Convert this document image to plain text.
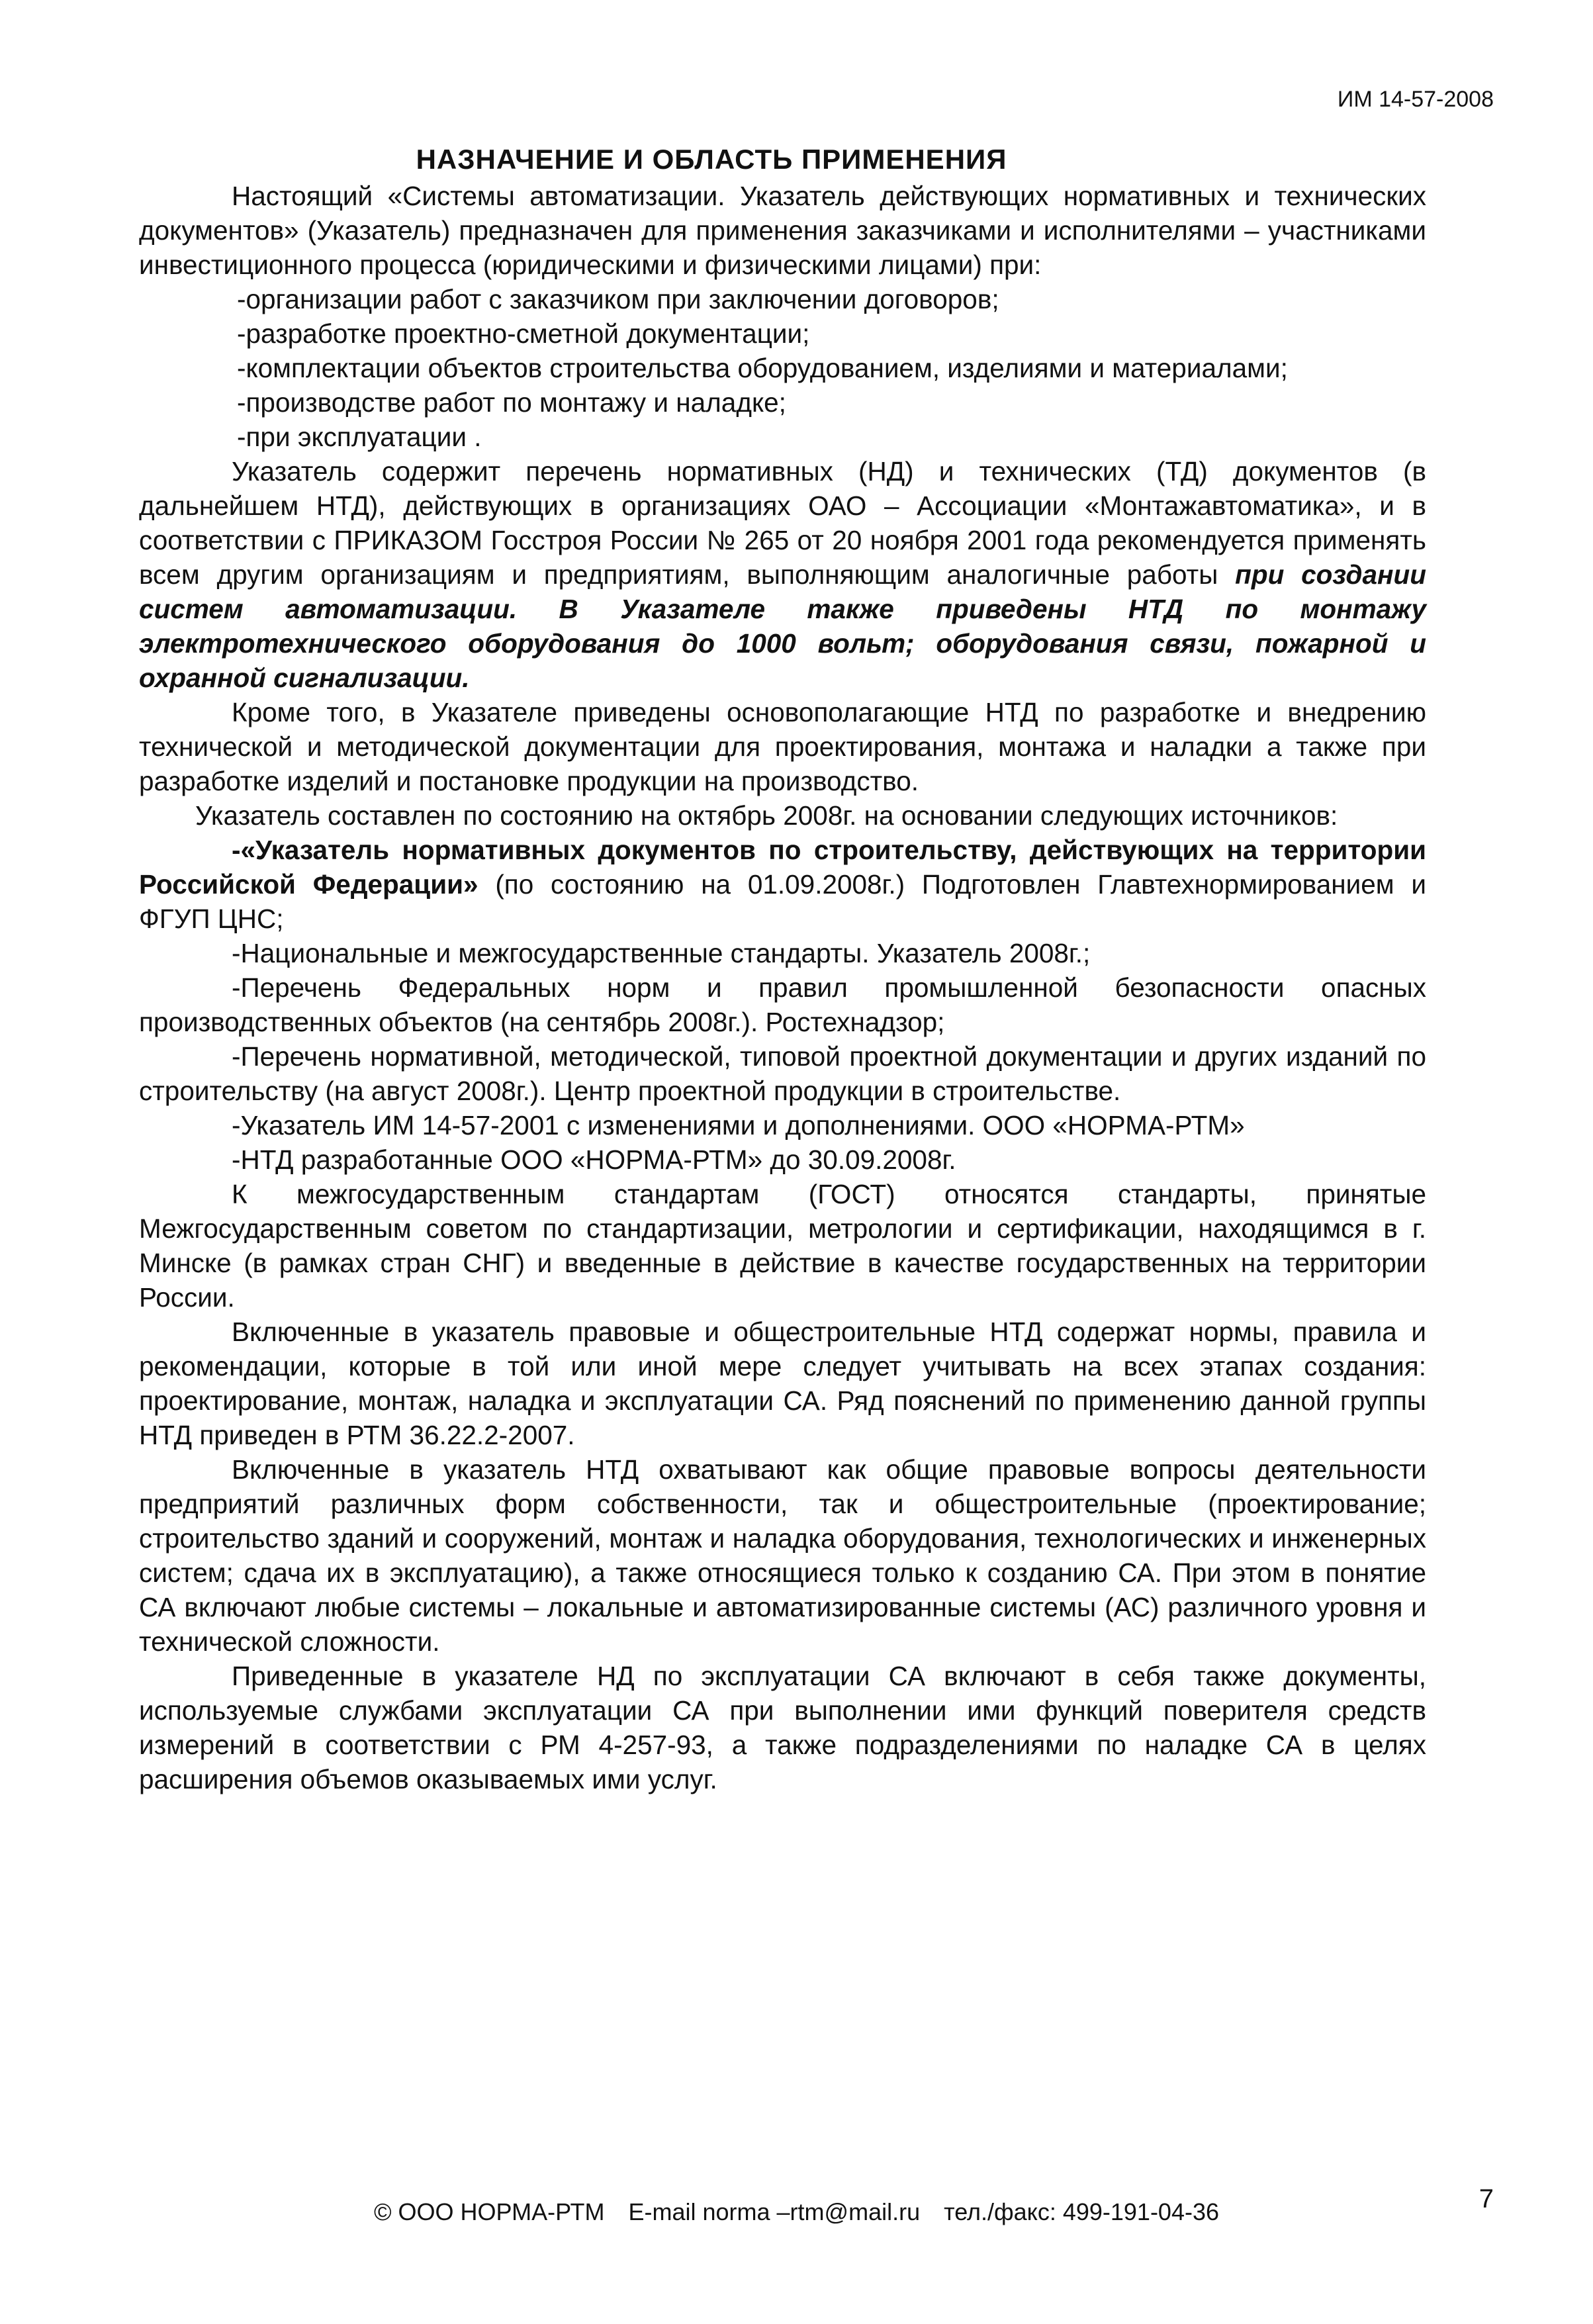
ИМ 14-57-2008
НАЗНАЧЕНИЕ И ОБЛАСТЬ ПРИМЕНЕНИЯ

Настоящий «Системы автоматизации. Указатель действующих нормативных и технических документов» (Указатель) предназначен для применения заказчиками и исполнителями – участниками инвестиционного процесса (юридическими и физическими лицами) при:

-организации работ с заказчиком при заключении договоров;

-разработке проектно-сметной документации;

-комплектации объектов строительства оборудованием, изделиями и материалами;

-производстве работ по монтажу и наладке;

-при эксплуатации .

Указатель содержит перечень нормативных (НД) и технических (ТД) документов (в дальнейшем НТД), действующих в организациях ОАО – Ассоциации «Монтажавтоматика», и в соответствии с ПРИКАЗОМ Госстроя России № 265 от 20 ноября 2001 года рекомендуется применять всем другим организациям и предприятиям, выполняющим аналогичные работы при создании систем автоматизации. В Указателе также приведены НТД по монтажу электротехнического оборудования до 1000 вольт; оборудования связи, пожарной и охранной сигнализации.

Кроме того, в Указателе приведены основополагающие НТД по разработке и внедрению технической и методической документации для проектирования, монтажа и наладки а также при разработке изделий и постановке продукции на производство.

Указатель составлен по состоянию на октябрь 2008г. на основании следующих источников:

-«Указатель нормативных документов по строительству, действующих на территории Российской Федерации» (по состоянию на 01.09.2008г.) Подготовлен Главтехнормированием и ФГУП ЦНС;

-Национальные и межгосударственные стандарты. Указатель 2008г.;

-Перечень Федеральных норм и правил промышленной безопасности опасных производственных объектов (на сентябрь 2008г.). Ростехнадзор;

-Перечень нормативной, методической, типовой проектной документации и других изданий по строительству (на август 2008г.). Центр проектной продукции в строительстве.

-Указатель ИМ 14-57-2001 с изменениями и дополнениями. ООО «НОРМА-РТМ»

-НТД разработанные ООО «НОРМА-РТМ» до 30.09.2008г.

К межгосударственным стандартам (ГОСТ) относятся стандарты, принятые Межгосударственным советом по стандартизации, метрологии и сертификации, находящимся в г. Минске (в рамках стран СНГ) и введенные в действие в качестве государственных на территории России.

Включенные в указатель правовые и общестроительные НТД содержат нормы, правила и рекомендации, которые в той или иной мере следует учитывать на всех этапах создания: проектирование, монтаж, наладка и эксплуатации СА. Ряд пояснений по применению данной группы НТД приведен в РТМ 36.22.2-2007.

Включенные в указатель НТД охватывают как общие правовые вопросы деятельности предприятий различных форм собственности, так и общестроительные (проектирование; строительство зданий и сооружений, монтаж и наладка оборудования, технологических и инженерных систем; сдача их в эксплуатацию), а также относящиеся только к созданию СА. При этом в понятие СА включают любые системы – локальные и автоматизированные системы (АС) различного уровня и технической сложности.

Приведенные в указателе НД по эксплуатации СА включают в себя также документы, используемые службами эксплуатации СА при выполнении ими функций поверителя средств измерений в соответствии с РМ 4-257-93, а также подразделениями по наладке СА в целях расширения объемов оказываемых ими услуг.

© ООО НОРМА-РТМ E-mail norma –rtm@mail.ru тел./факс: 499-191-04-36	7
